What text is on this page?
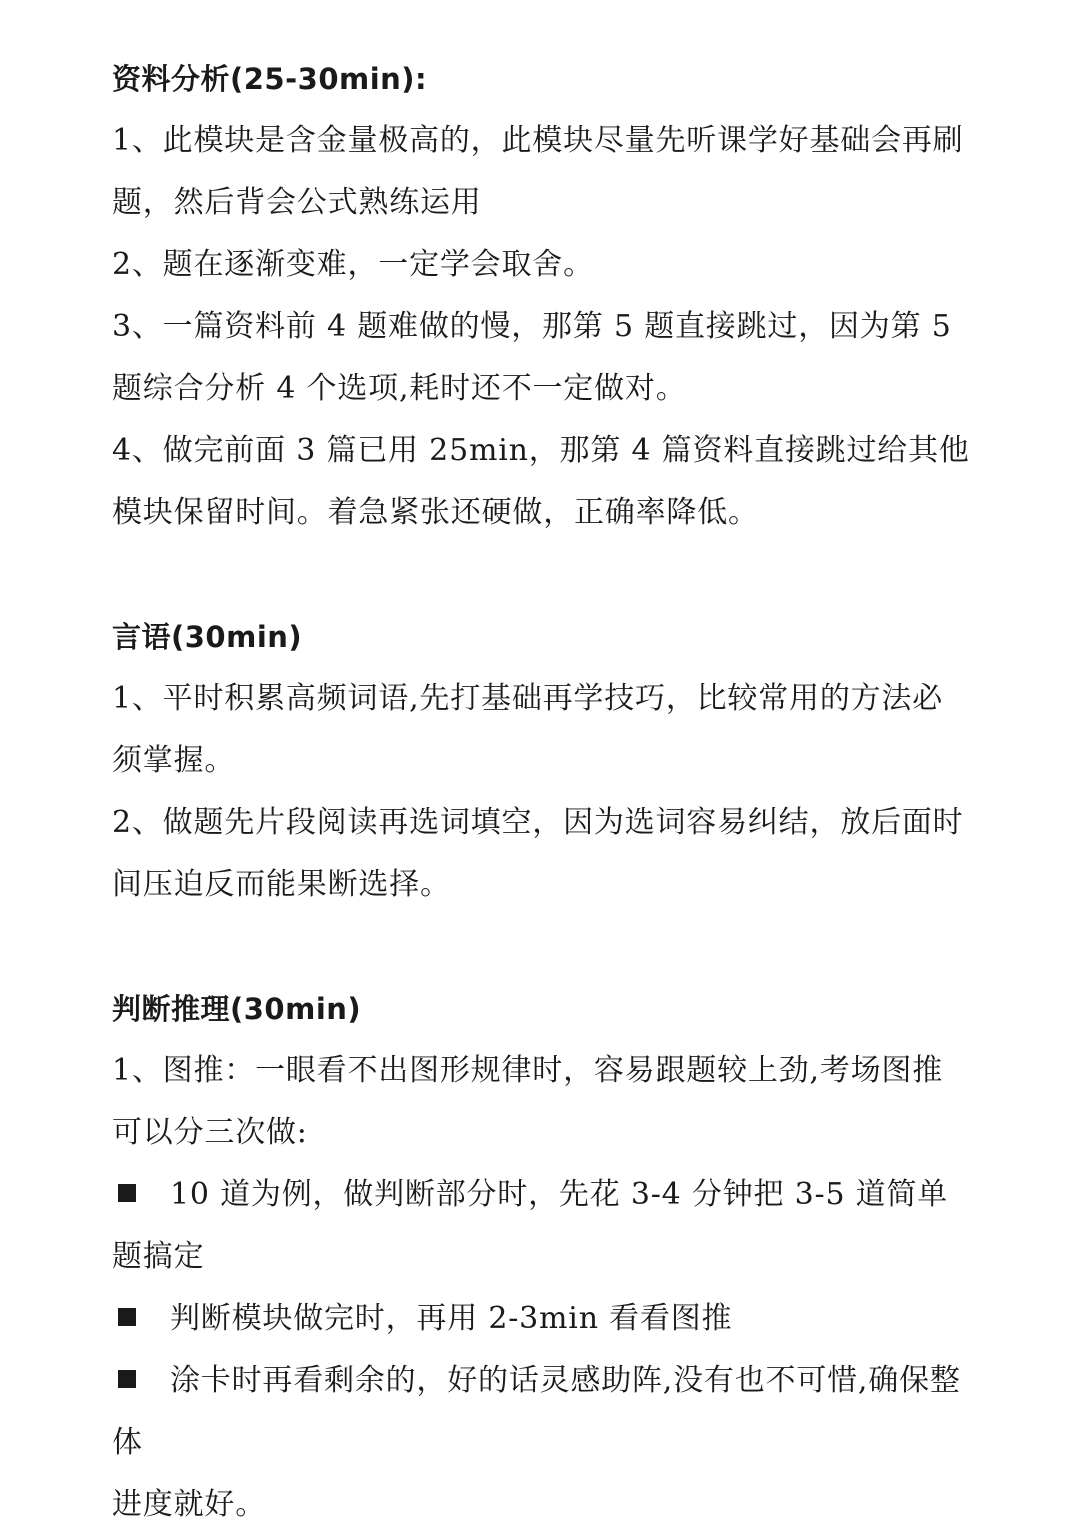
资料分析(25-30min):

1、此模块是含金量极高的，此模块尽量先听课学好基础会再刷题，然后背会公式熟练运用

2、题在逐渐变难，一定学会取舍。

3、一篇资料前 4 题难做的慢，那第 5 题直接跳过，因为第 5 题综合分析 4 个选项,耗时还不一定做对。

4、做完前面 3 篇已用 25min，那第 4 篇资料直接跳过给其他模块保留时间。着急紧张还硬做，正确率降低。

言语(30min)

1、平时积累高频词语,先打基础再学技巧，比较常用的方法必须掌握。

2、做题先片段阅读再选词填空，因为选词容易纠结，放后面时间压迫反而能果断选择。

判断推理(30min)

1、图推：一眼看不出图形规律时，容易跟题较上劲,考场图推可以分三次做:

10 道为例，做判断部分时，先花 3-4 分钟把 3-5 道简单题搞定

判断模块做完时，再用 2-3min 看看图推

涂卡时再看剩余的，好的话灵感助阵,没有也不可惜,确保整体

进度就好。
